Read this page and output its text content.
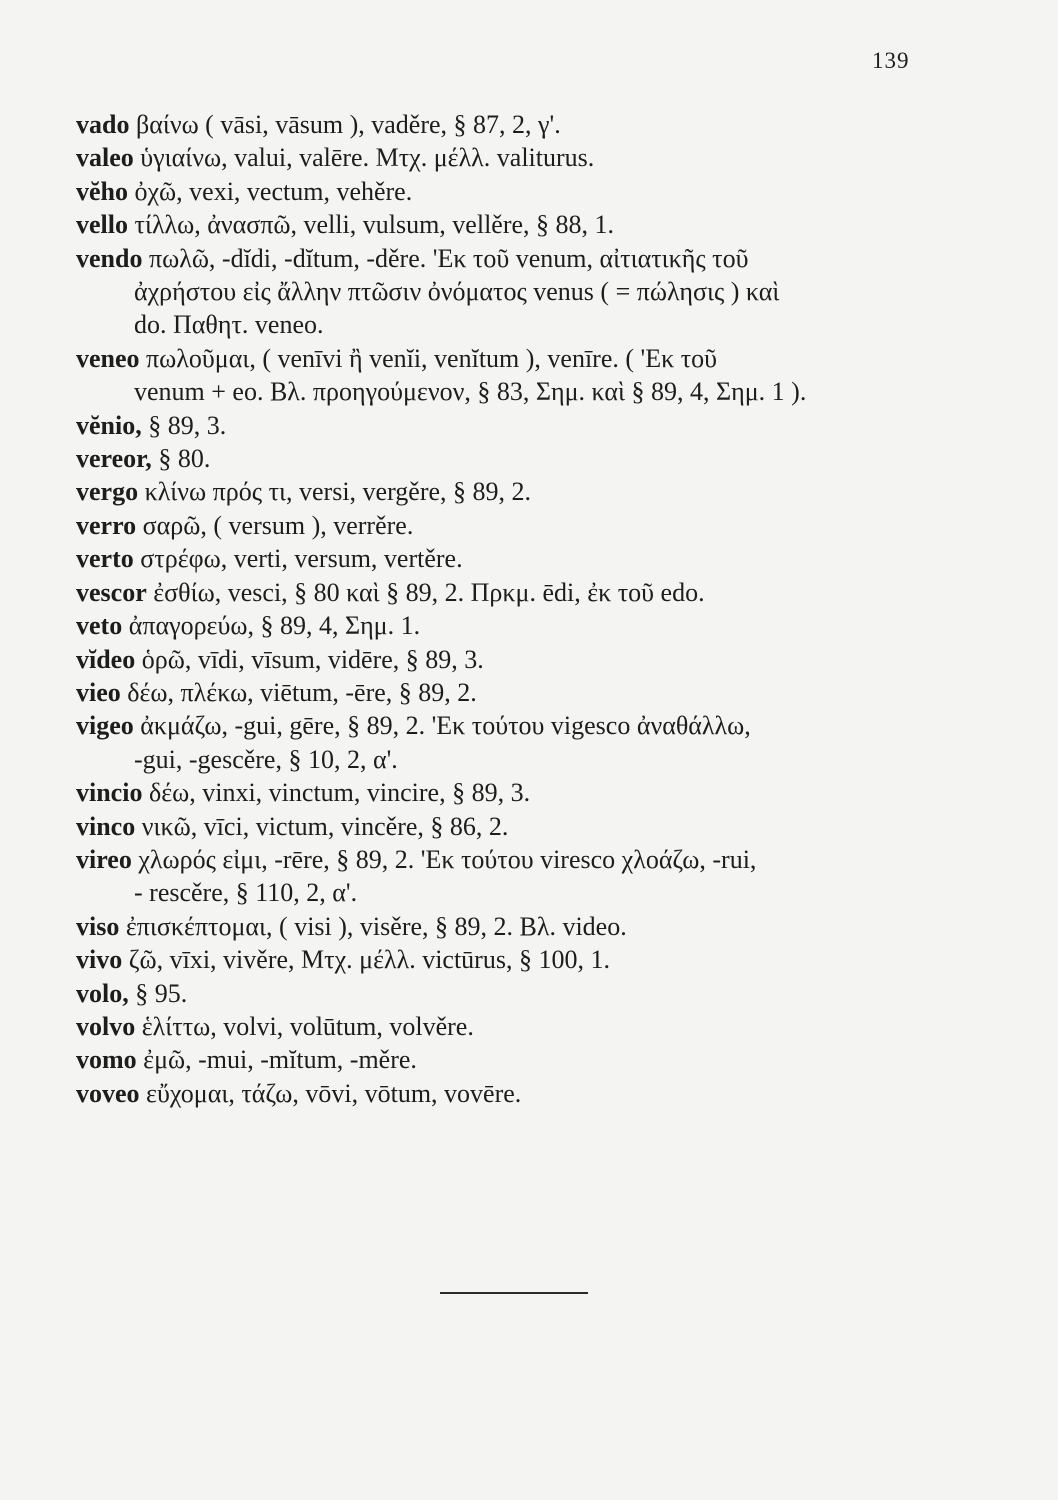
139
vado βαίνω ( vāsi, vāsum ), vaděre, § 87, 2, γ'.
valeo ὑγιαίνω, valui, valēre. Μτχ. μέλλ. valiturus.
vĕho ὀχῶ, vexi, vectum, vehěre.
vello τίλλω, ἀνασπῶ, velli, vulsum, vellěre, § 88, 1.
vendo πωλῶ, -dĭdi, -dĭtum, -děre. 'Εκ τοῦ venum, αἰτιατικῆς τοῦ
ἀχρήστου εἰς ἄλλην πτῶσιν ὀνόματος venus ( = πώλησις ) καὶ
do. Παθητ. veneo.
veneo πωλοῦμαι, ( venīvi ἢ venĭi, venĭtum ), venīre. ( 'Εκ τοῦ
venum + eo. Βλ. προηγούμενον, § 83, Σημ. καὶ § 89, 4, Σημ. 1 ).
vĕnio, § 89, 3.
vereor, § 80.
vergo κλίνω πρός τι, versi, vergěre, § 89, 2.
verro σαρῶ, ( versum ), verrěre.
verto στρέφω, verti, versum, vertěre.
vescor ἐσθίω, vesci, § 80 καὶ § 89, 2. Πρκμ. ēdi, ἐκ τοῦ edo.
veto ἀπαγορεύω, § 89, 4, Σημ. 1.
vĭdeo ὁρῶ, vīdi, vīsum, vidēre, § 89, 3.
vieo δέω, πλέκω, viētum, -ēre, § 89, 2.
vigeo ἀκμάζω, -gui, gēre, § 89, 2. 'Εκ τούτου vigesco ἀναθάλλω,
-gui, -gescěre, § 10, 2, α'.
vincio δέω, vinxi, vinctum, vincire, § 89, 3.
vinco νικῶ, vīci, victum, vincěre, § 86, 2.
vireo χλωρός εἰμι, -rēre, § 89, 2. 'Εκ τούτου viresco χλοάζω, -rui,
- rescěre, § 110, 2, α'.
viso ἐπισκέπτομαι, ( visi ), visěre, § 89, 2. Βλ. video.
vivo ζῶ, vīxi, vivěre, Μτχ. μέλλ. victūrus, § 100, 1.
volo, § 95.
volvo ἑλίττω, volvi, volūtum, volvěre.
vomo ἐμῶ, -mui, -mĭtum, -měre.
voveo εὔχομαι, τάζω, vōvi, vōtum, vovēre.
